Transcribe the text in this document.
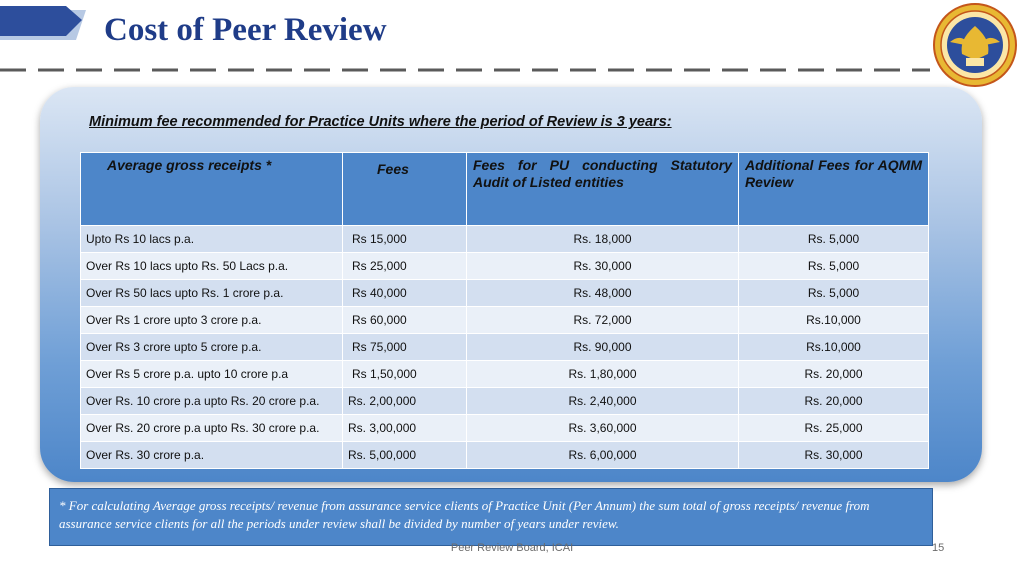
Cost of Peer Review
Minimum fee recommended for Practice Units where the period of Review is 3 years:
Average gross receipts *	Fees	Fees for PU conducting Statutory Audit of Listed entities	Additional Fees for AQMM Review
Upto Rs 10 lacs p.a.	Rs 15,000	Rs. 18,000	Rs. 5,000
Over Rs 10 lacs upto Rs. 50 Lacs p.a.	Rs 25,000	Rs. 30,000	Rs. 5,000
Over Rs 50 lacs upto Rs. 1 crore p.a.	Rs 40,000	Rs. 48,000	Rs. 5,000
Over Rs 1 crore upto 3 crore p.a.	Rs 60,000	Rs. 72,000	Rs.10,000
Over Rs 3 crore upto 5 crore p.a.	Rs 75,000	Rs. 90,000	Rs.10,000
Over Rs 5 crore p.a. upto 10 crore p.a	Rs 1,50,000	Rs. 1,80,000	Rs. 20,000
Over Rs. 10 crore p.a upto Rs. 20 crore p.a.	Rs. 2,00,000	Rs. 2,40,000	Rs. 20,000
Over Rs. 20 crore p.a upto Rs. 30 crore p.a.	Rs. 3,00,000	Rs. 3,60,000	Rs. 25,000
Over Rs. 30 crore p.a.	Rs. 5,00,000	Rs. 6,00,000	Rs. 30,000
* For calculating Average gross receipts/ revenue from assurance service clients of Practice Unit (Per Annum) the sum total of gross receipts/ revenue from assurance service clients for all the periods under review shall be divided by number of years under review.
Peer Review Board, ICAI	15
